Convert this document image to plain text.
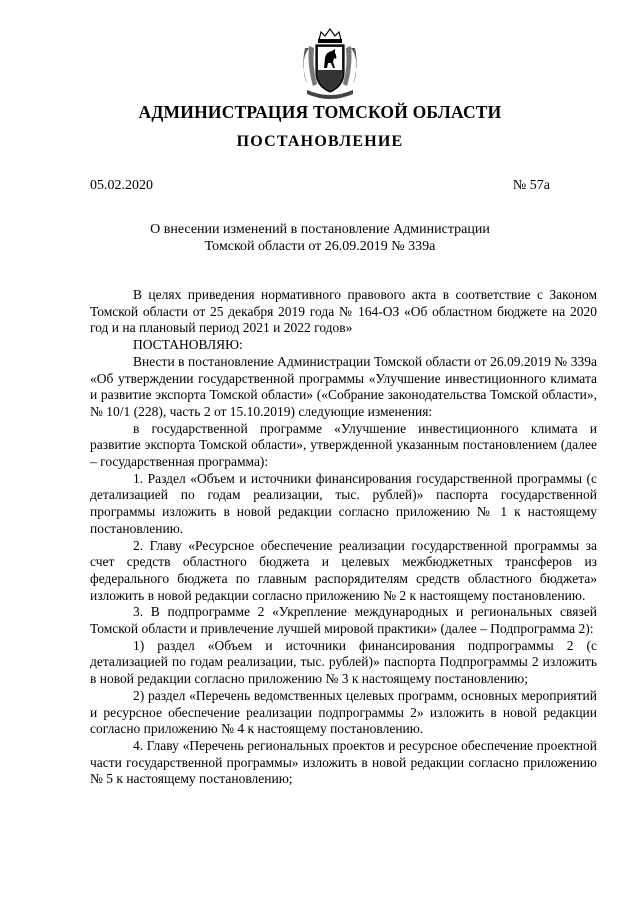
АДМИНИСТРАЦИЯ ТОМСКОЙ ОБЛАСТИ
ПОСТАНОВЛЕНИЕ
05.02.2020	№ 57а
О внесении изменений в постановление Администрации
Томской области от 26.09.2019 № 339а

В целях приведения нормативного правового акта в соответствие с Законом Томской области от 25 декабря 2019 года № 164-ОЗ «Об областном бюджете на 2020 год и на плановый период 2021 и 2022 годов»

ПОСТАНОВЛЯЮ:

Внести в постановление Администрации Томской области от 26.09.2019 № 339а «Об утверждении государственной программы «Улучшение инвестиционного климата и развитие экспорта Томской области» («Собрание законодательства Томской области», № 10/1 (228), часть 2 от 15.10.2019) следующие изменения:

в государственной программе «Улучшение инвестиционного климата и развитие экспорта Томской области», утвержденной указанным постановлением (далее – государственная программа):

1. Раздел «Объем и источники финансирования государственной программы (с детализацией по годам реализации, тыс. рублей)» паспорта государственной программы изложить в новой редакции согласно приложению № 1 к настоящему постановлению.

2. Главу «Ресурсное обеспечение реализации государственной программы за счет средств областного бюджета и целевых межбюджетных трансферов из федерального бюджета по главным распорядителям средств областного бюджета» изложить в новой редакции согласно приложению № 2 к настоящему постановлению.

3. В подпрограмме 2 «Укрепление международных и региональных связей Томской области и привлечение лучшей мировой практики» (далее – Подпрограмма 2):

1) раздел «Объем и источники финансирования подпрограммы 2 (с детализацией по годам реализации, тыс. рублей)» паспорта Подпрограммы 2 изложить в новой редакции согласно приложению № 3 к настоящему постановлению;

2) раздел «Перечень ведомственных целевых программ, основных мероприятий и ресурсное обеспечение реализации подпрограммы 2» изложить в новой редакции согласно приложению № 4 к настоящему постановлению.

4. Главу «Перечень региональных проектов и ресурсное обеспечение проектной части государственной программы» изложить в новой редакции согласно приложению № 5 к настоящему постановлению;
